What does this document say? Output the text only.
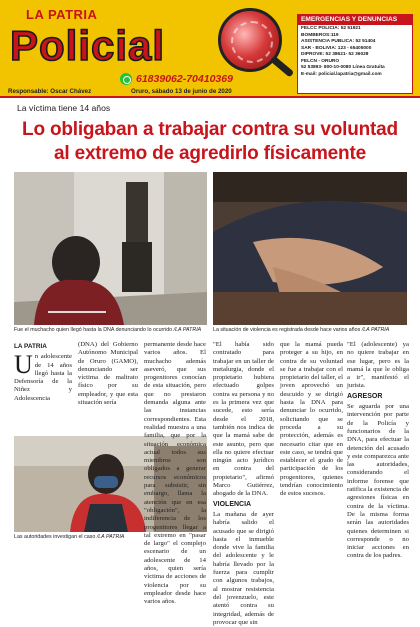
LA PATRIA
Policial
61839062-70410369
Responsable: Oscar Chávez	Oruro, sábado 13 de junio de 2020
EMERGENCIAS Y DENUNCIAS
FELCC POLICIA: 52 51921
BOMBEROS:119
ASISTENCIA PUBLICA: 52 51404
SAR - BOLIVIA: 123 - 65405000
DIPROVE: 52 38621- 52 36028
FELCN - ORURO
52 53893- 800-10-0080 Línea Gratuita
E-mail: policial.lapatria@gmail.com
La víctima tiene 14 años
Lo obligaban a trabajar contra su voluntad
al extremo de agredirlo físicamente
Fue el muchacho quien llegó hasta la DNA denunciando lo ocurrido /LA PATRIA La situación de violencia es registrada desde hace varios años /LA PATRIA
Las autoridades investigan el caso /LA PATRIA
LA PATRIA

Un adolescente de 14 años llegó hasta la Defensoría de la Niñez y Adolescencia

(DNA) del Gobierno Autónomo Municipal de Oruro (GAMO), denunciando ser víctima de maltrato físico por su empleador, y que esta situación sería

permanente desde hace varios años. El muchacho además aseveró, que sus progenitores conocían de esta situación, pero que no prestaron demanda alguna ante las instancias correspondientes. Esta realidad muestra a una familia, que por la situación económica actual todos sus miembros son obligados a generar recursos económicos para subsistir, sin embargo, llama la atención que en esa "obligación", la indiferencia de los progenitores llegar a tal extremo en "pasar de largo" el complejo escenario de un adolescente de 14 años, quien sería víctima de acciones de violencia por su empleador desde hace varios años.

"El había sido contratado para trabajar en un taller de metalurgia, donde el propietario hubiera efectuado golpes contra su persona y no es la primera vez que sucede, esto sería desde el 2018, también nos indica de que la mamá sabe de este asunto, pero que ella no quiere efectuar ningún acto jurídico en contra del propietario", afirmó Marco Gutiérrez, abogado de la DNA.

VIOLENCIA

La mañana de ayer habría salido el acusado que se dirigió hasta el inmueble donde vive la familia del adolescente y le habría llevado por la fuerza para cumplir con algunos trabajos, al mostrar resistencia del jovenzuelo, este atentó contra su integridad, además de provocar que sin

que la mamá pueda proteger a su hijo, en contra de su voluntad se fue a trabajar con el propietario del taller, el joven aprovechó un descuido y se dirigió hasta la DNA para denunciar lo ocurrido, solicitando que se proceda a su protección, además es necesario citar que en este caso, se tendrá que establecer el grado de participación de los progenitores, quienes tendrían conocimiento de estos sucesos.

"El (adolescente) ya no quiere trabajar en ese lugar, pero es la mamá la que le obliga a ir", manifestó el jurista.

AGRESOR

Se aguarda por una intervención por parte de la Policía y funcionarios de la DNA, para efectuar la detención del acusado y este comparezca ante las autoridades, considerando el informe forense que ratifica la existencia de agresiones físicas en contra de la víctima. De la misma forma serán las autoridades quienes determinen si corresponde o no iniciar acciones en contra de los padres.
